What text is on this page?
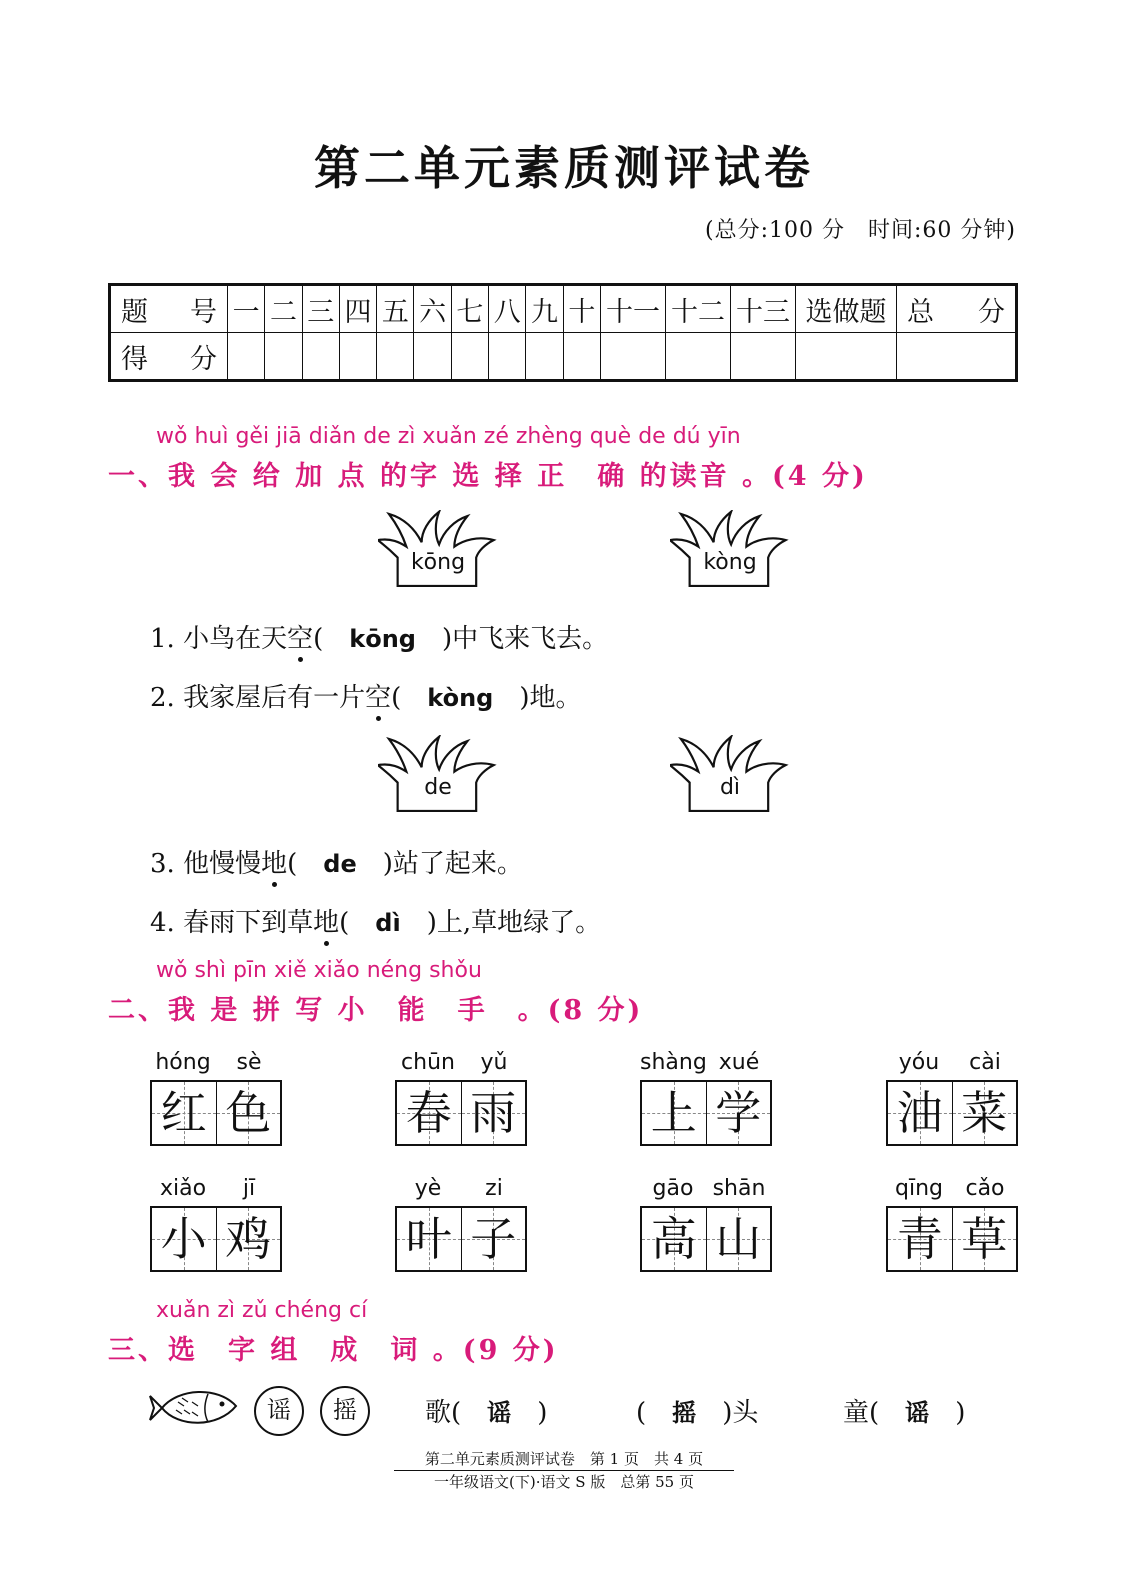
第二单元素质测评试卷
(总分:100 分　时间:60 分钟)
题　号	一	二	三	四	五	六	七	八	九	十	十一	十二	十三	选做题	总　分
得　分															
wǒ huì gěi jiā diǎn de zì xuǎn zé zhèng què de dú yīn
一、我 会 给 加 点 的字 选 择 正　确 的读音 。(4 分)
kōng	kòng
1. 小鸟在天空(　kōng　 )中飞来飞去。
2. 我家屋后有一片空(　kòng　 )地。
de	dì
3. 他慢慢地(　de　 )站了起来。
4. 春雨下到草地(　dì　 )上,草地绿了。
wǒ shì pīn xiě xiǎo néng shǒu
二、我 是 拼 写 小　能　手　。(8 分)
hóng	sè
红 色
chūn	yǔ
春 雨
shàng xué
上 学
yóu	cài
油 菜
xiǎo	jī
小 鸡
yè	zi
叶 子
gāo shān
高 山
qīng	cǎo
青 草
xuǎn zì zǔ chéng cí
三、选　字 组　成　词 。(9 分)
谣	摇	歌(　 谣　 )	(　 摇　 )头	童(　 谣　 )
第二单元素质测评试卷　第 1 页　共 4 页
一年级语文(下)·语文 S 版　总第 55 页
